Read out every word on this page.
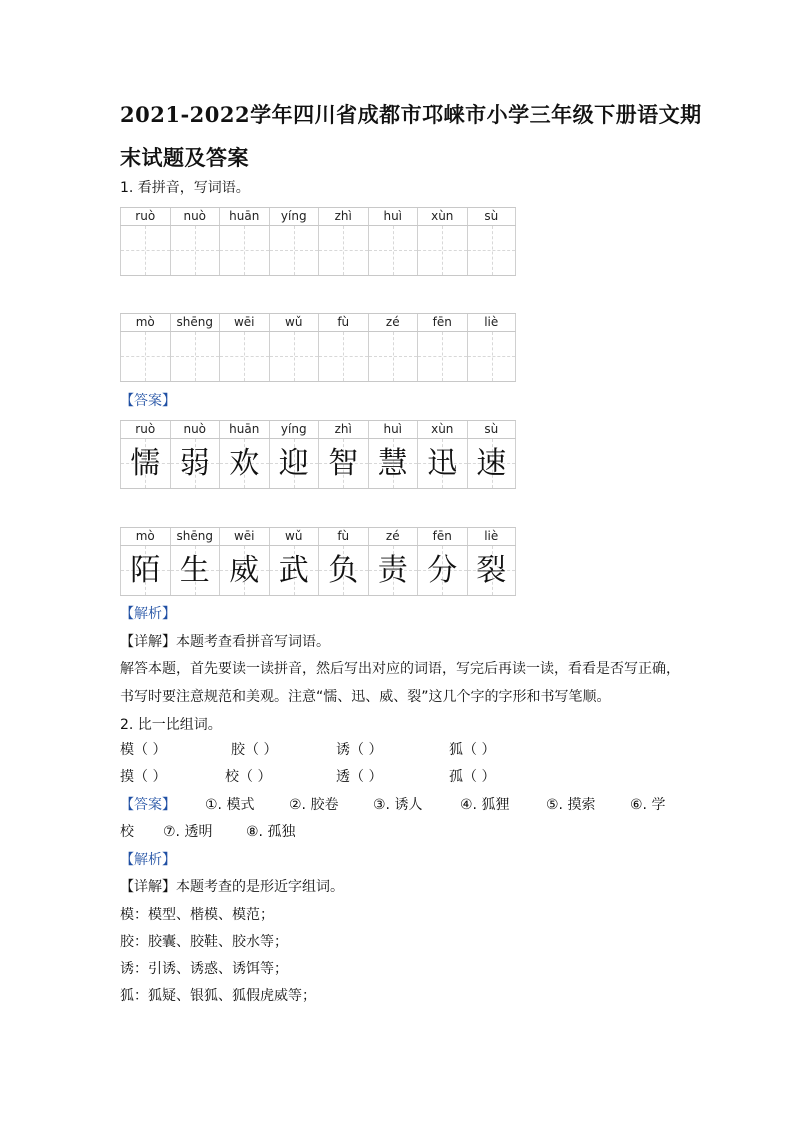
2021-2022学年四川省成都市邛崃市小学三年级下册语文期
末试题及答案
1. 看拼音，写词语。
ruò	nuò	huān	yíng	zhì	huì	xùn	sù
mò	shēng	wēi	wǔ	fù	zé	fēn	liè
【答案】
ruò	nuò	huān	yíng	zhì	huì	xùn	sù
懦 弱 欢 迎 智 慧 迅 速
mò	shēng	wēi	wǔ	fù	zé	fēn	liè
陌 生 威 武 负 责 分 裂
【解析】
【详解】本题考查看拼音写词语。
解答本题，首先要读一读拼音，然后写出对应的词语，写完后再读一读，看看是否写正确，
书写时要注意规范和美观。注意“懦、迅、威、裂”这几个字的字形和书写笔顺。
2. 比一比组词。
模（ ）	胶（ ）	诱（ ）	狐（ ）
摸（ ）	校（ ）	透（ ）	孤（ ）
【答案】 ①. 模式 ②. 胶卷 ③. 诱人	④. 狐狸	⑤. 摸索 ⑥. 学
校 ⑦. 透明 ⑧. 孤独
【解析】
【详解】本题考查的是形近字组词。
模：模型、楷模、模范；
胶：胶囊、胶鞋、胶水等；
诱：引诱、诱惑、诱饵等；
狐：狐疑、银狐、狐假虎威等；
